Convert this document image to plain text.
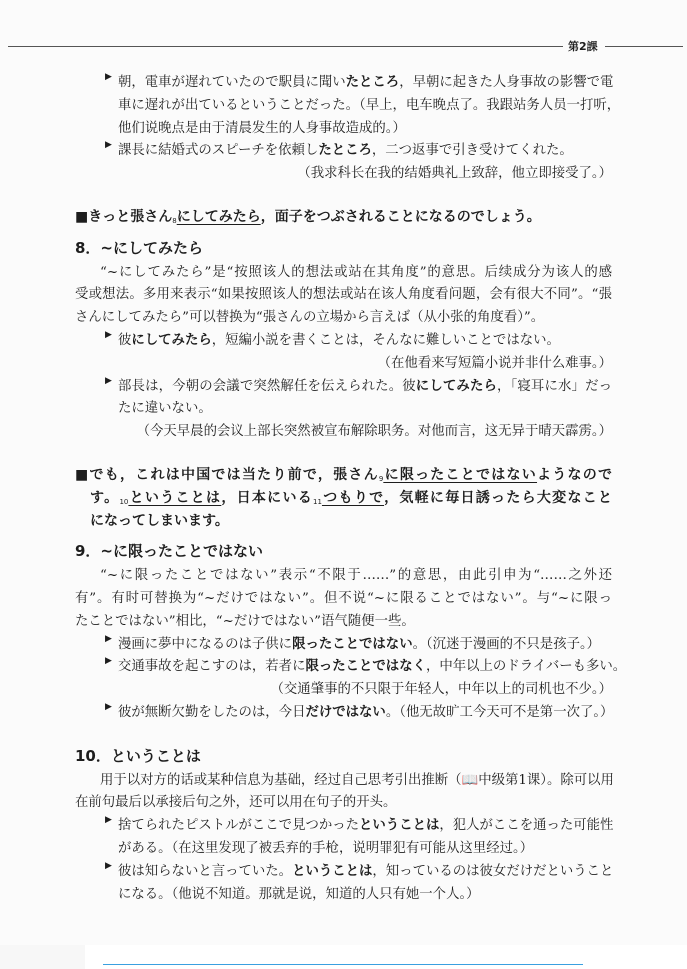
第2課
▶ 朝，電車が遅れていたので駅員に聞いたところ，早朝に起きた人身事故の影響で電
車に遅れが出ているということだった。（早上，电车晚点了。我跟站务人员一打听，
他们说晚点是由于清晨发生的人身事故造成的。）
▶ 課長に結婚式のスピーチを依頼したところ，二つ返事で引き受けてくれた。
（我求科长在我的结婚典礼上致辞，他立即接受了。）
■きっと張さん$_8$にしてみたら，面子をつぶされることになるのでしょう。
8．~にしてみたら
“~にしてみたら”是“按照该人的想法或站在其角度”的意思。后续成分为该人的感
受或想法。多用来表示“如果按照该人的想法或站在该人角度看问题，会有很大不同”。“張
さんにしてみたら”可以替换为“張さんの立場から言えば（从小张的角度看）”。
▶ 彼にしてみたら，短編小説を書くことは，そんなに難しいことではない。
（在他看来写短篇小说并非什么难事。）
▶ 部長は，今朝の会議で突然解任を伝えられた。彼にしてみたら，「寝耳に水」だっ
たに違いない。
（今天早晨的会议上部长突然被宣布解除职务。对他而言，这无异于晴天霹雳。）
■でも，これは中国では当たり前で，張さん$_9$に限ったことではないようなので
す。$_{10}$ということは，日本にいる$_{11}$つもりで，気軽に毎日誘ったら大変なこと
になってしまいます。
9．~に限ったことではない
“~に限ったことではない”表示“不限于……”的意思，由此引申为“……之外还
有”。有时可替换为“~だけではない”。但不说“~に限ることではない”。与“~に限っ
たことではない”相比，“~だけではない”语气随便一些。
▶ 漫画に夢中になるのは子供に限ったことではない。（沉迷于漫画的不只是孩子。）
▶ 交通事故を起こすのは，若者に限ったことではなく，中年以上のドライバーも多い。
（交通肇事的不只限于年轻人，中年以上的司机也不少。）
▶ 彼が無断欠勤をしたのは，今日だけではない。（他无故旷工今天可不是第一次了。）
10．ということは
用于以对方的话或某种信息为基础，经过自己思考引出推断（📖中级第1课）。除可以用
在前句最后以承接后句之外，还可以用在句子的开头。
▶ 捨てられたピストルがここで見つかったということは，犯人がここを通った可能性
がある。（在这里发现了被丢弃的手枪，说明罪犯有可能从这里经过。）
▶ 彼は知らないと言っていた。ということは，知っているのは彼女だけだということ
になる。（他说不知道。那就是说，知道的人只有她一个人。）
